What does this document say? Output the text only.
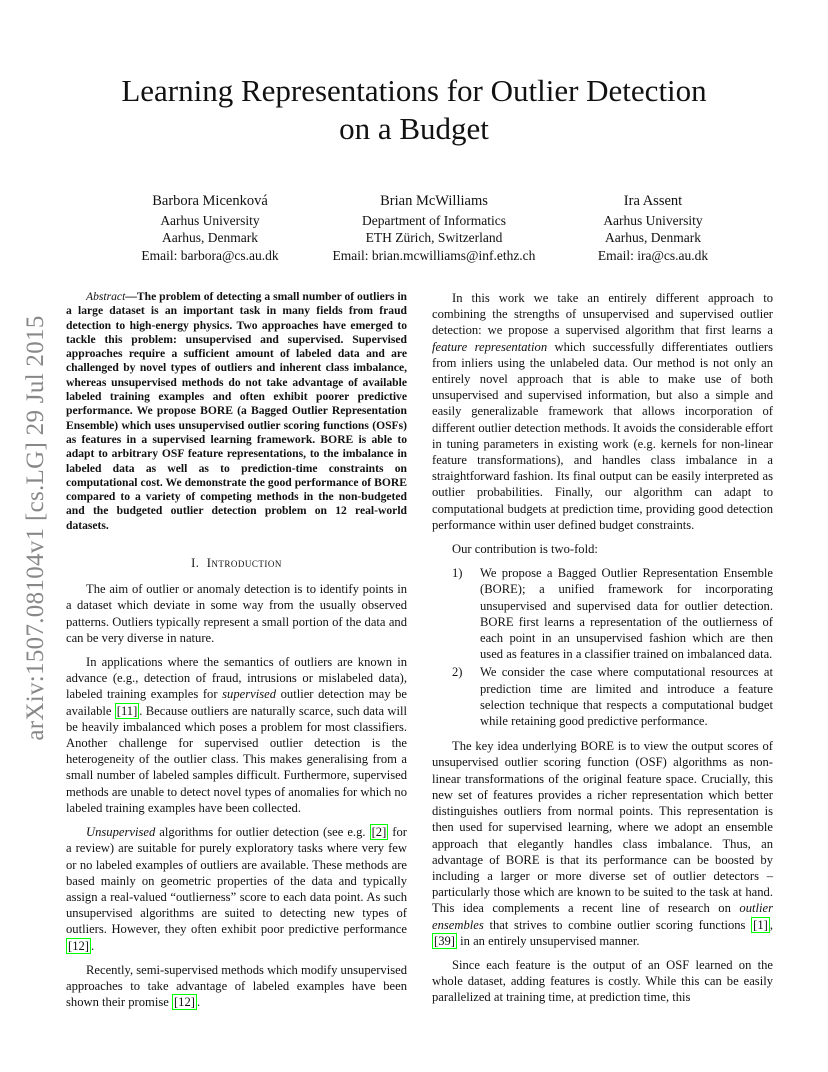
Learning Representations for Outlier Detection
on a Budget
Barbora Micenková
Aarhus University
Aarhus, Denmark
Email: barbora@cs.au.dk
Brian McWilliams
Department of Informatics
ETH Zürich, Switzerland
Email: brian.mcwilliams@inf.ethz.ch
Ira Assent
Aarhus University
Aarhus, Denmark
Email: ira@cs.au.dk
arXiv:1507.08104v1 [cs.LG] 29 Jul 2015

Abstract—The problem of detecting a small number of outliers in a large dataset is an important task in many fields from fraud detection to high-energy physics. Two approaches have emerged to tackle this problem: unsupervised and supervised. Supervised approaches require a sufficient amount of labeled data and are challenged by novel types of outliers and inherent class imbalance, whereas unsupervised methods do not take advantage of available labeled training examples and often exhibit poorer predictive performance. We propose BORE (a Bagged Outlier Representation Ensemble) which uses unsupervised outlier scoring functions (OSFs) as features in a supervised learning framework. BORE is able to adapt to arbitrary OSF feature representations, to the imbalance in labeled data as well as to prediction-time constraints on computational cost. We demonstrate the good performance of BORE compared to a variety of competing methods in the non-budgeted and the budgeted outlier detection problem on 12 real-world datasets.

I. Introduction

The aim of outlier or anomaly detection is to identify points in a dataset which deviate in some way from the usually observed patterns. Outliers typically represent a small portion of the data and can be very diverse in nature.

In applications where the semantics of outliers are known in advance (e.g., detection of fraud, intrusions or mislabeled data), labeled training examples for supervised outlier detection may be available [11] . Because outliers are naturally scarce, such data will be heavily imbalanced which poses a problem for most classifiers. Another challenge for supervised outlier detection is the heterogeneity of the outlier class. This makes generalising from a small number of labeled samples difficult. Furthermore, supervised methods are unable to detect novel types of anomalies for which no labeled training examples have been collected.

Unsupervised algorithms for outlier detection (see e.g. [2] for a review) are suitable for purely exploratory tasks where very few or no labeled examples of outliers are available. These methods are based mainly on geometric properties of the data and typically assign a real-valued “outlierness” score to each data point. As such unsupervised algorithms are suited to detecting new types of outliers. However, they often exhibit poor predictive performance [12] .

Recently, semi-supervised methods which modify unsupervised approaches to take advantage of labeled examples have been shown their promise [12] .

In this work we take an entirely different approach to combining the strengths of unsupervised and supervised outlier detection: we propose a supervised algorithm that first learns a feature representation which successfully differentiates outliers from inliers using the unlabeled data. Our method is not only an entirely novel approach that is able to make use of both unsupervised and supervised information, but also a simple and easily generalizable framework that allows incorporation of different outlier detection methods. It avoids the considerable effort in tuning parameters in existing work (e.g. kernels for non-linear feature transformations), and handles class imbalance in a straightforward fashion. Its final output can be easily interpreted as outlier probabilities. Finally, our algorithm can adapt to computational budgets at prediction time, providing good detection performance within user defined budget constraints.

Our contribution is two-fold:

1) We propose a Bagged Outlier Representation Ensemble (BORE); a unified framework for incorporating unsupervised and supervised data for outlier detection. BORE first learns a representation of the outlierness of each point in an unsupervised fashion which are then used as features in a classifier trained on imbalanced data.
2) We consider the case where computational resources at prediction time are limited and introduce a feature selection technique that respects a computational budget while retaining good predictive performance.

The key idea underlying BORE is to view the output scores of unsupervised outlier scoring function (OSF) algorithms as non-linear transformations of the original feature space. Crucially, this new set of features provides a richer representation which better distinguishes outliers from normal points. This representation is then used for supervised learning, where we adopt an ensemble approach that elegantly handles class imbalance. Thus, an advantage of BORE is that its performance can be boosted by including a larger or more diverse set of outlier detectors – particularly those which are known to be suited to the task at hand. This idea complements a recent line of research on outlier ensembles that strives to combine outlier scoring functions [1] , [39] in an entirely unsupervised manner.

Since each feature is the output of an OSF learned on the whole dataset, adding features is costly. While this can be easily parallelized at training time, at prediction time, this
